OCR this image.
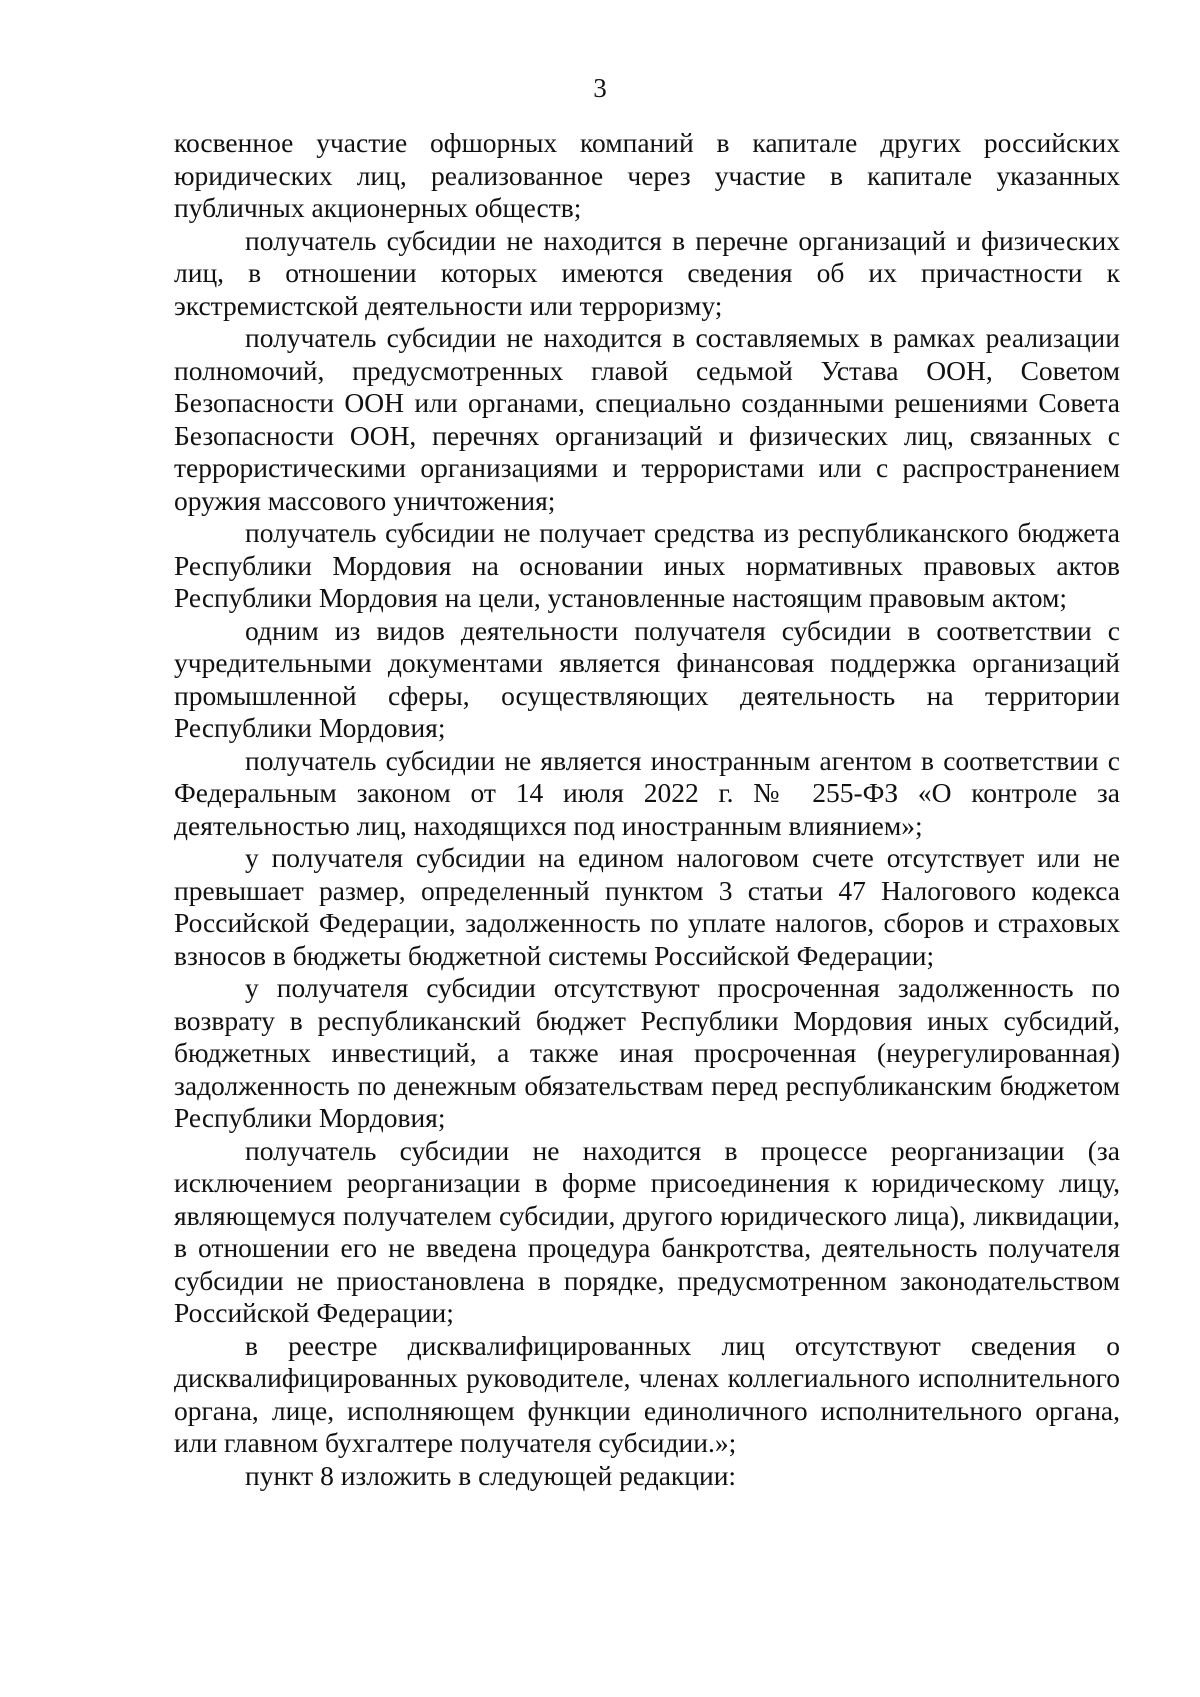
3

косвенное участие офшорных компаний в капитале других российских юридических лиц, реализованное через участие в капитале указанных публичных акционерных обществ;

получатель субсидии не находится в перечне организаций и физических лиц, в отношении которых имеются сведения об их причастности к экстремистской деятельности или терроризму;

получатель субсидии не находится в составляемых в рамках реализации полномочий, предусмотренных главой седьмой Устава ООН, Советом Безопасности ООН или органами, специально созданными решениями Совета Безопасности ООН, перечнях организаций и физических лиц, связанных с террористическими организациями и террористами или с распространением оружия массового уничтожения;

получатель субсидии не получает средства из республиканского бюджета Республики Мордовия на основании иных нормативных правовых актов Республики Мордовия на цели, установленные настоящим правовым актом;

одним из видов деятельности получателя субсидии в соответствии с учредительными документами является финансовая поддержка организаций промышленной сферы, осуществляющих деятельность на территории Республики Мордовия;

получатель субсидии не является иностранным агентом в соответствии с Федеральным законом от 14 июля 2022 г. № 255-ФЗ «О контроле за деятельностью лиц, находящихся под иностранным влиянием»;

у получателя субсидии на едином налоговом счете отсутствует или не превышает размер, определенный пунктом 3 статьи 47 Налогового кодекса Российской Федерации, задолженность по уплате налогов, сборов и страховых взносов в бюджеты бюджетной системы Российской Федерации;

у получателя субсидии отсутствуют просроченная задолженность по возврату в республиканский бюджет Республики Мордовия иных субсидий, бюджетных инвестиций, а также иная просроченная (неурегулированная) задолженность по денежным обязательствам перед республиканским бюджетом Республики Мордовия;

получатель субсидии не находится в процессе реорганизации (за исключением реорганизации в форме присоединения к юридическому лицу, являющемуся получателем субсидии, другого юридического лица), ликвидации, в отношении его не введена процедура банкротства, деятельность получателя субсидии не приостановлена в порядке, предусмотренном законодательством Российской Федерации;

в реестре дисквалифицированных лиц отсутствуют сведения о дисквалифицированных руководителе, членах коллегиального исполнительного органа, лице, исполняющем функции единоличного исполнительного органа, или главном бухгалтере получателя субсидии.»;

пункт 8 изложить в следующей редакции:
